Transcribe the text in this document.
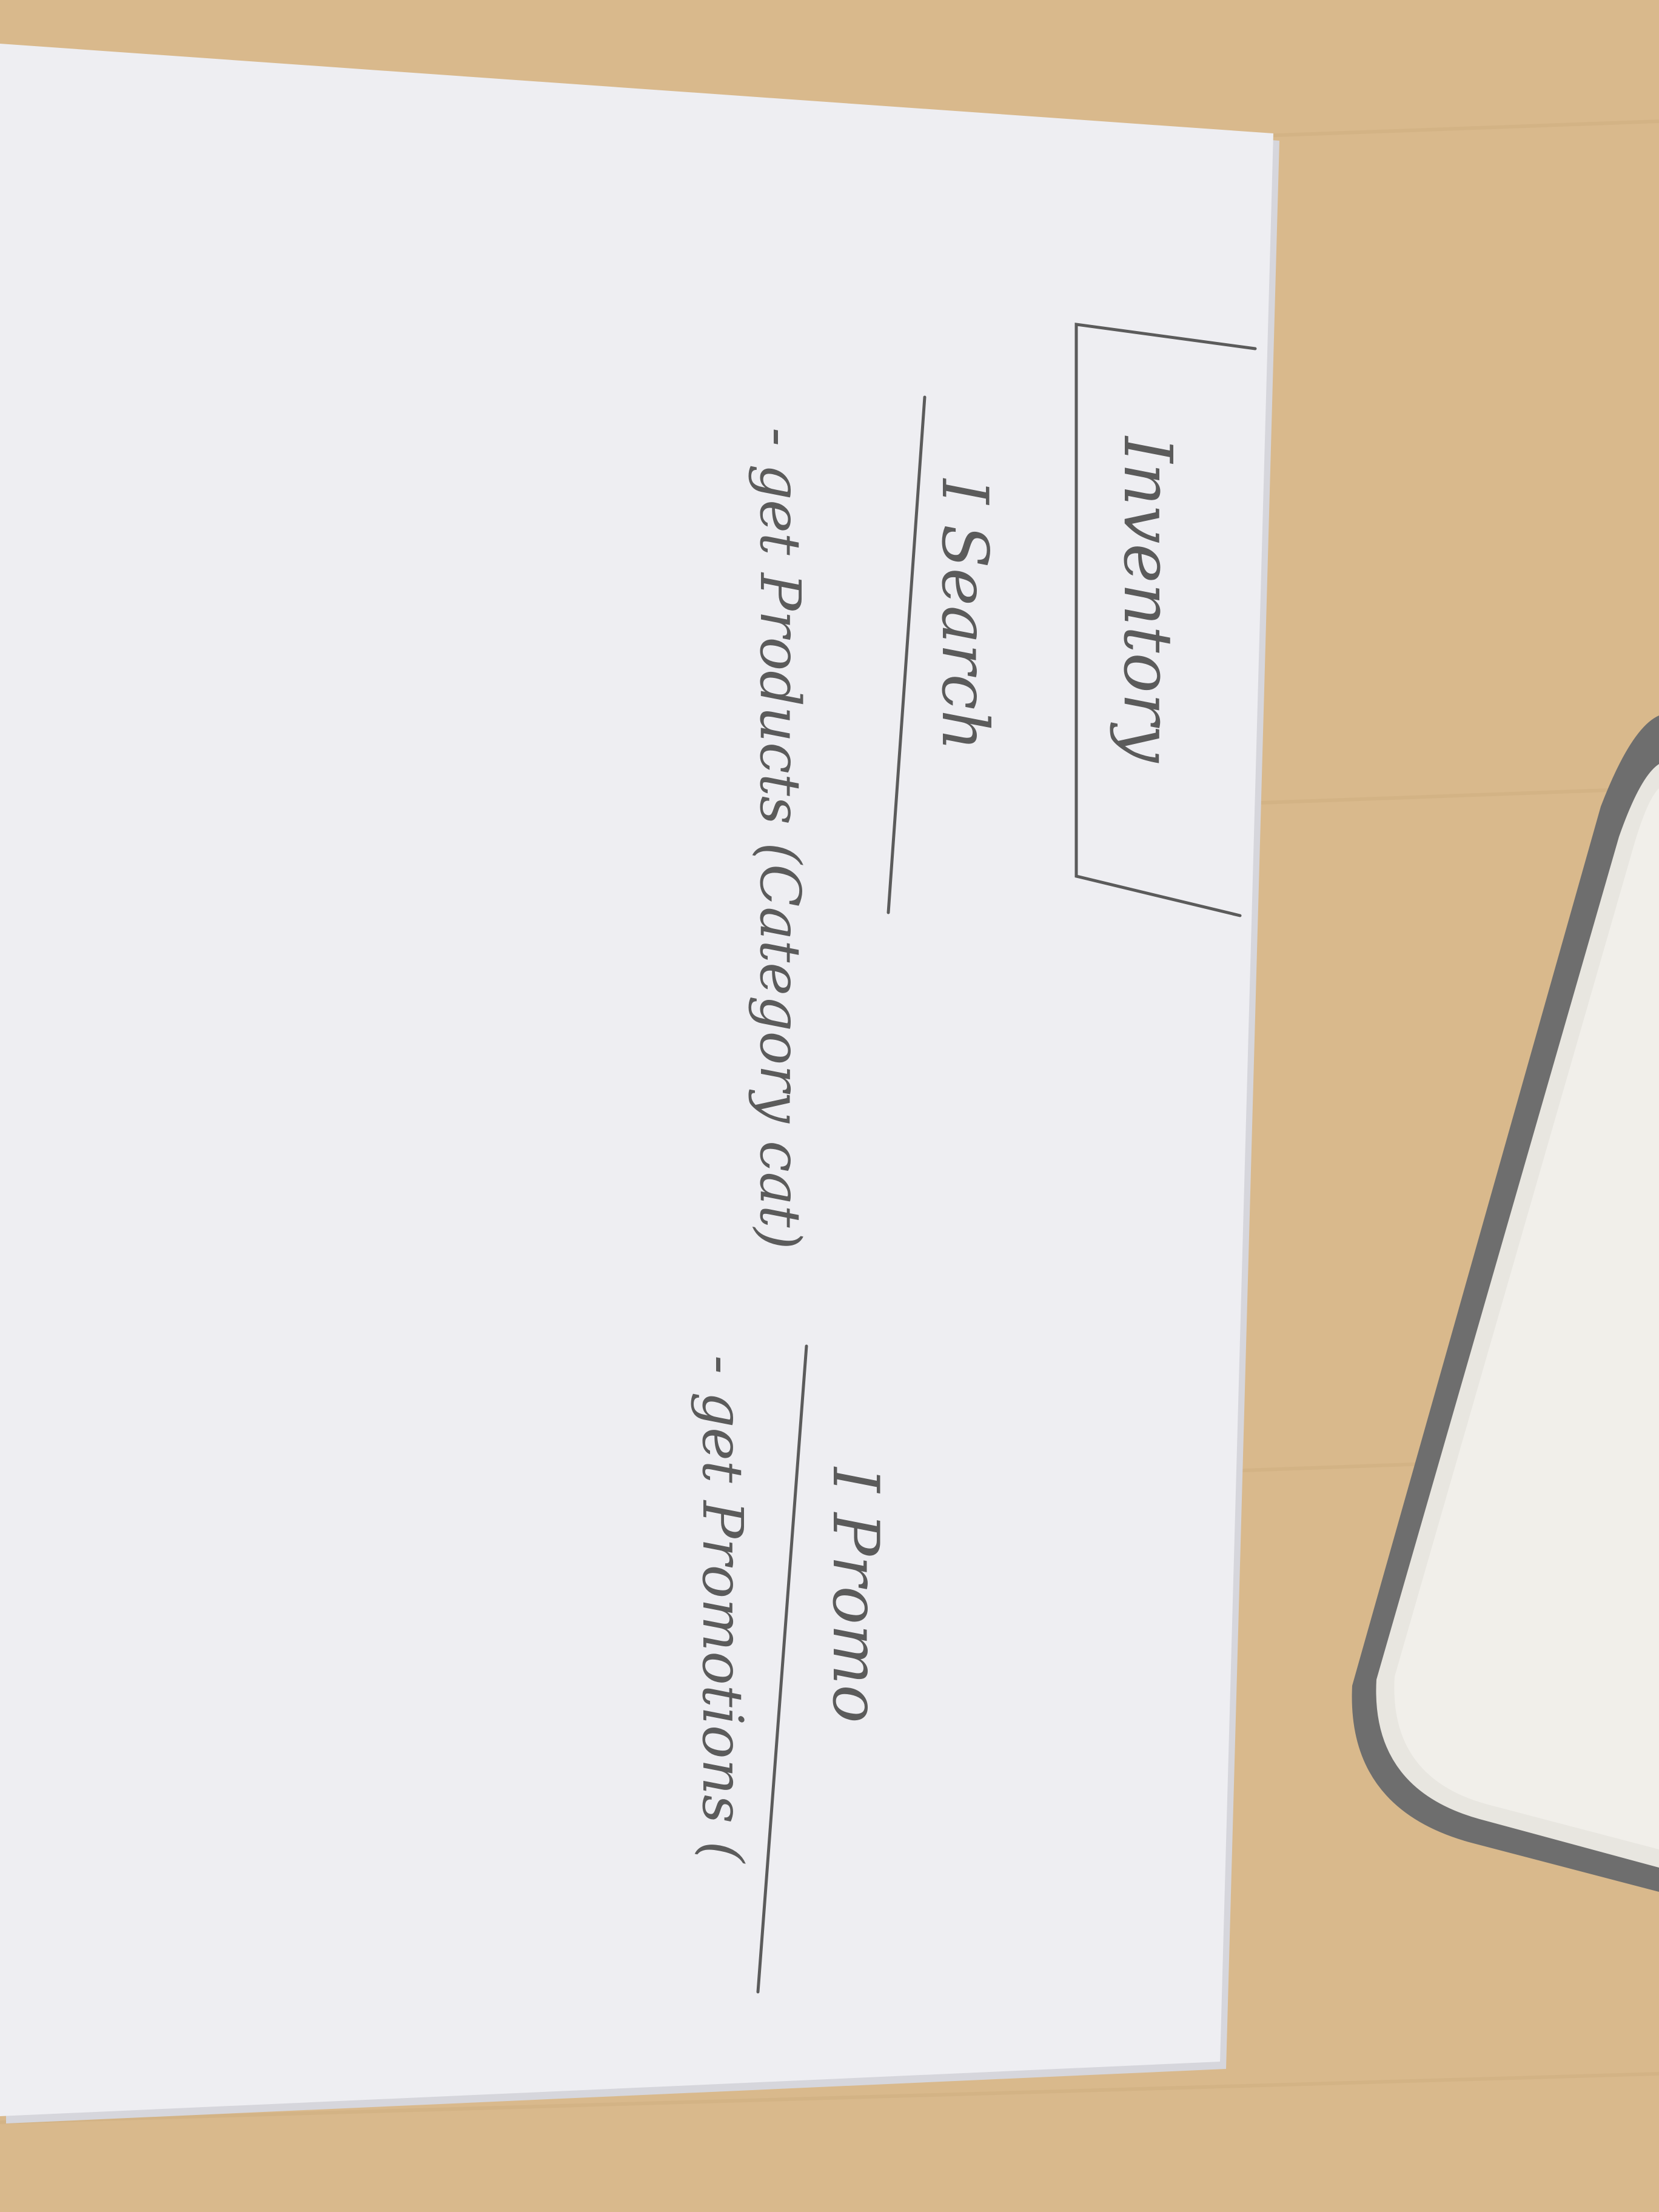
Inventory
I Search
- get Products (Category cat)
I Promo
- get Promotions (
